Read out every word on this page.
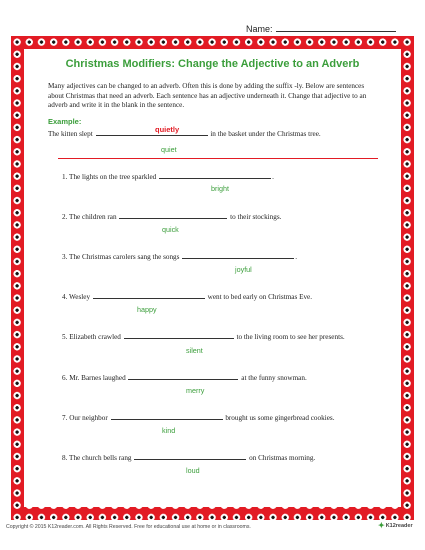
Name:
Christmas Modifiers: Change the Adjective to an Adverb
Many adjectives can be changed to an adverb. Often this is done by adding the suffix -ly. Below are sentences about Christmas that need an adverb. Each sentence has an adjective underneath it. Change that adjective to an adverb and write it in the blank in the sentence.
Example:
quietly
The kitten slept	in the basket under the Christmas tree.
quiet
1. The lights on the tree sparkled	.
bright
2. The children ran	to their stockings.
quick
3. The Christmas carolers sang the songs	.
joyful
4. Wesley	went to bed early on Christmas Eve.
happy
5. Elizabeth crawled	to the living room to see her presents.
silent
6. Mr. Barnes laughed	at the funny snowman.
merry
7. Our neighbor	brought us some gingerbread cookies.
kind
8. The church bells rang	on Christmas morning.
loud
Copyright © 2015 K12reader.com. All Rights Reserved. Free for educational use at home or in classrooms.	✦ K12reader
